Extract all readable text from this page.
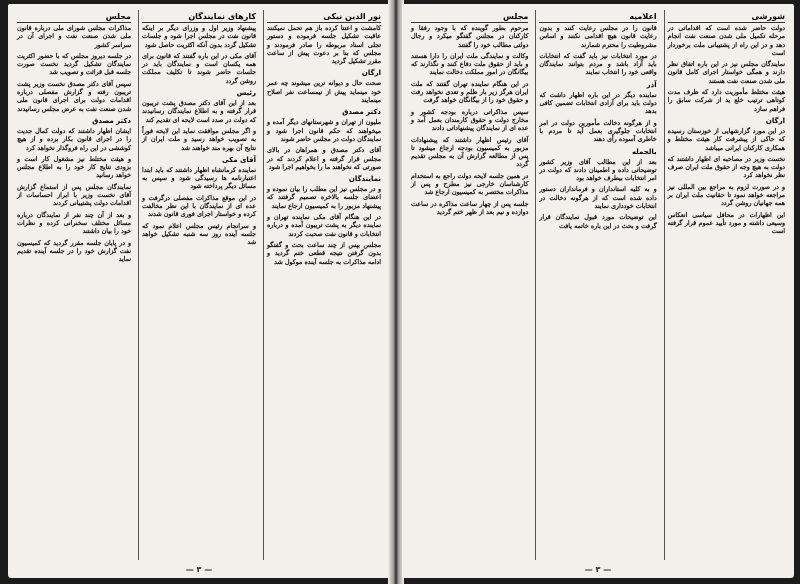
نور الدین نیکی

کامشت و اعتنا کرده باز هم تحمل نمیکنند عاقبت تشکیل جلسه فرموده و دستور تجلی اسناد مربوطه را صادر فرمودند و مجلس که بنا بر دعوت پیش از ساعت مقرر تشکیل گردید

ارگان

صحت حال و دیوانه ترین میشوند چه عمر خود مینماید پیش از نیمساعت نفر اصلاح مینمایند

دکتر مصدق

ملیون از تهران و شهرستانهای دیگر آمده و میخواهند که حکم قانون اجرا شود و نمایندگان دولت در مجلس حاضر شوند

آقای دکتر مصدق و همراهان در بالای مجلس قرار گرفته و اعلام کردند که در صورتی که نخواهند ما را بخواهیم اجرا شود

نمایندگان

و در مجلس نیز این مطلب را بیان نموده و اعضای جلسه بالاخره تصمیم گرفتند که پیشنهاد مزبور را به کمیسیون ارجاع نمایند

در این هنگام آقای مکی نماینده تهران و نماینده دیگر به پشت تریبون آمده و درباره انتخابات و قانون نفت صحبت کردند

مجلس بپس از چند ساعت بحث و گفتگو بدون گرفتن نتیجه قطعی ختم گردید و ادامه مذاکرات به جلسه آینده موکول شد

کارهای نمایندگان

پیشنهاد وزیر اول و وزرای دیگر بر اینکه قانون نفت در مجلس اجرا شود و جلسات تشکیل گردد بدون آنکه اکثریت حاصل شود

آقای مکی در این باره گفتند که قانون برای همه یکسان است و نمایندگان باید در جلسات حاضر شوند تا تکلیف مملکت روشن گردد

رئیس

بعد از این آقای دکتر مصدق پشت تریبون قرار گرفته و به اطلاع نمایندگان رسانیدند که دولت در صدد است لایحه ای تقدیم کند

و اگر مجلس موافقت نماید این لایحه فوراً به تصویب خواهد رسید و ملت ایران از نتایج آن بهره مند خواهند شد

آقای مکی

نماینده کرمانشاه اظهار داشتند که باید ابتدا اعتبارنامه ها رسیدگی شود و سپس به مسائل دیگر پرداخته شود

در این موقع مذاکرات مفصلی درگرفت و عده ای از نمایندگان با این نظر مخالفت کرده و خواستار اجرای فوری قانون شدند

و سرانجام رئیس مجلس اعلام نمود که جلسه آینده روز سه شنبه تشکیل خواهد شد

مجلس

مذاکرات مجلس شورای ملی درباره قانون ملی شدن صنعت نفت و اجرای آن در سراسر کشور

در جلسه دیروز مجلس که با حضور اکثریت نمایندگان تشکیل گردید نخست صورت جلسه قبل قرائت و تصویب شد

سپس آقای دکتر مصدق نخست وزیر پشت تریبون رفته و گزارش مفصلی درباره اقدامات دولت برای اجرای قانون ملی شدن صنعت نفت به عرض مجلس رسانیدند

دکتر مصدق

ایشان اظهار داشتند که دولت کمال جدیت را در اجرای قانون بکار برده و از هیچ کوششی در این راه فروگذار نخواهد کرد

و هیئت مختلط نیز مشغول کار است و بزودی نتایج کار خود را به اطلاع مجلس خواهد رسانید

نمایندگان مجلس پس از استماع گزارش آقای نخست وزیر با ابراز احساسات از اقدامات دولت پشتیبانی کردند

و بعد از آن چند نفر از نمایندگان درباره مسائل مختلف سخنرانی کرده و نظرات خود را بیان داشتند

و در پایان جلسه مقرر گردید که کمیسیون نفت گزارش خود را در جلسه آینده تقدیم نماید

— ۳ —
شورشی

دولت حاضر شده است که اقداماتی در مرحله تکمیل ملی شدن صنعت نفت انجام دهد و در این راه از پشتیبانی ملت برخوردار است

نمایندگان مجلس نیز در این باره اتفاق نظر دارند و همگی خواستار اجرای کامل قانون ملی شدن صنعت نفت هستند

هیئت مختلط مأموریت دارد که ظرف مدت کوتاهی ترتیب خلع ید از شرکت سابق را فراهم سازد

ارگان

در این مورد گزارشهایی از خوزستان رسیده که حاکی از پیشرفت کار هیئت مختلط و همکاری کارکنان ایرانی میباشد

نخست وزیر در مصاحبه ای اظهار داشتند که دولت به هیچ وجه از حقوق ملت ایران صرف نظر نخواهد کرد

و در صورت لزوم به مراجع بین المللی نیز مراجعه خواهد نمود تا حقانیت ملت ایران بر همه جهانیان روشن گردد

این اظهارات در محافل سیاسی انعکاس وسیعی داشته و مورد تأیید عموم قرار گرفته است

اعلامیه

قانون را در مجلس رعایت کنند و بدون رعایت قانون هیچ اقدامی نکنند و اساس مشروطیت را محترم شمارند

در مورد انتخابات نیز باید گفت که انتخابات باید آزاد باشد و مردم بتوانند نمایندگان واقعی خود را انتخاب نمایند

آذر

نماینده دیگر در این باره اظهار داشت که دولت باید برای آزادی انتخابات تضمین کافی بدهد

و از هرگونه دخالت مأمورین دولت در امر انتخابات جلوگیری بعمل آید تا مردم با خاطری آسوده رأی دهند

بالجمله

بعد از این مطالب آقای وزیر کشور توضیحاتی داده و اطمینان دادند که دولت در امر انتخابات بیطرف خواهد بود

و به کلیه استانداران و فرمانداران دستور داده شده است که از هرگونه دخالت در انتخابات خودداری نمایند

این توضیحات مورد قبول نمایندگان قرار گرفت و بحث در این باره خاتمه یافت

مجلس

مرحوم بطور گوینده که با وجود رفقا و کارکنان در مجلس گفتگو میکرد و رجال دولتی مطالب خود را گفتند

وکالت و نمایندگی ملت ایران را دارا هستند و باید از حقوق ملت دفاع کنند و نگذارند که بیگانگان در امور مملکت دخالت نمایند

در این هنگام نماینده تهران گفتند که ملت ایران هرگز زیر بار ظلم و تعدی نخواهد رفت و حقوق خود را از بیگانگان خواهد گرفت

سپس مذاکراتی درباره بودجه کشور و مخارج دولت و حقوق کارمندان بعمل آمد و عده ای از نمایندگان پیشنهاداتی دادند

آقای رئیس اظهار داشتند که پیشنهادات مزبور به کمیسیون بودجه ارجاع میشود تا پس از مطالعه گزارش آن به مجلس تقدیم گردد

در همین جلسه لایحه دولت راجع به استخدام کارشناسان خارجی نیز مطرح و پس از مذاکرات مختصر به کمیسیون ارجاع شد

جلسه پس از چهار ساعت مذاکره در ساعت دوازده و نیم بعد از ظهر ختم گردید

— ۳ —
